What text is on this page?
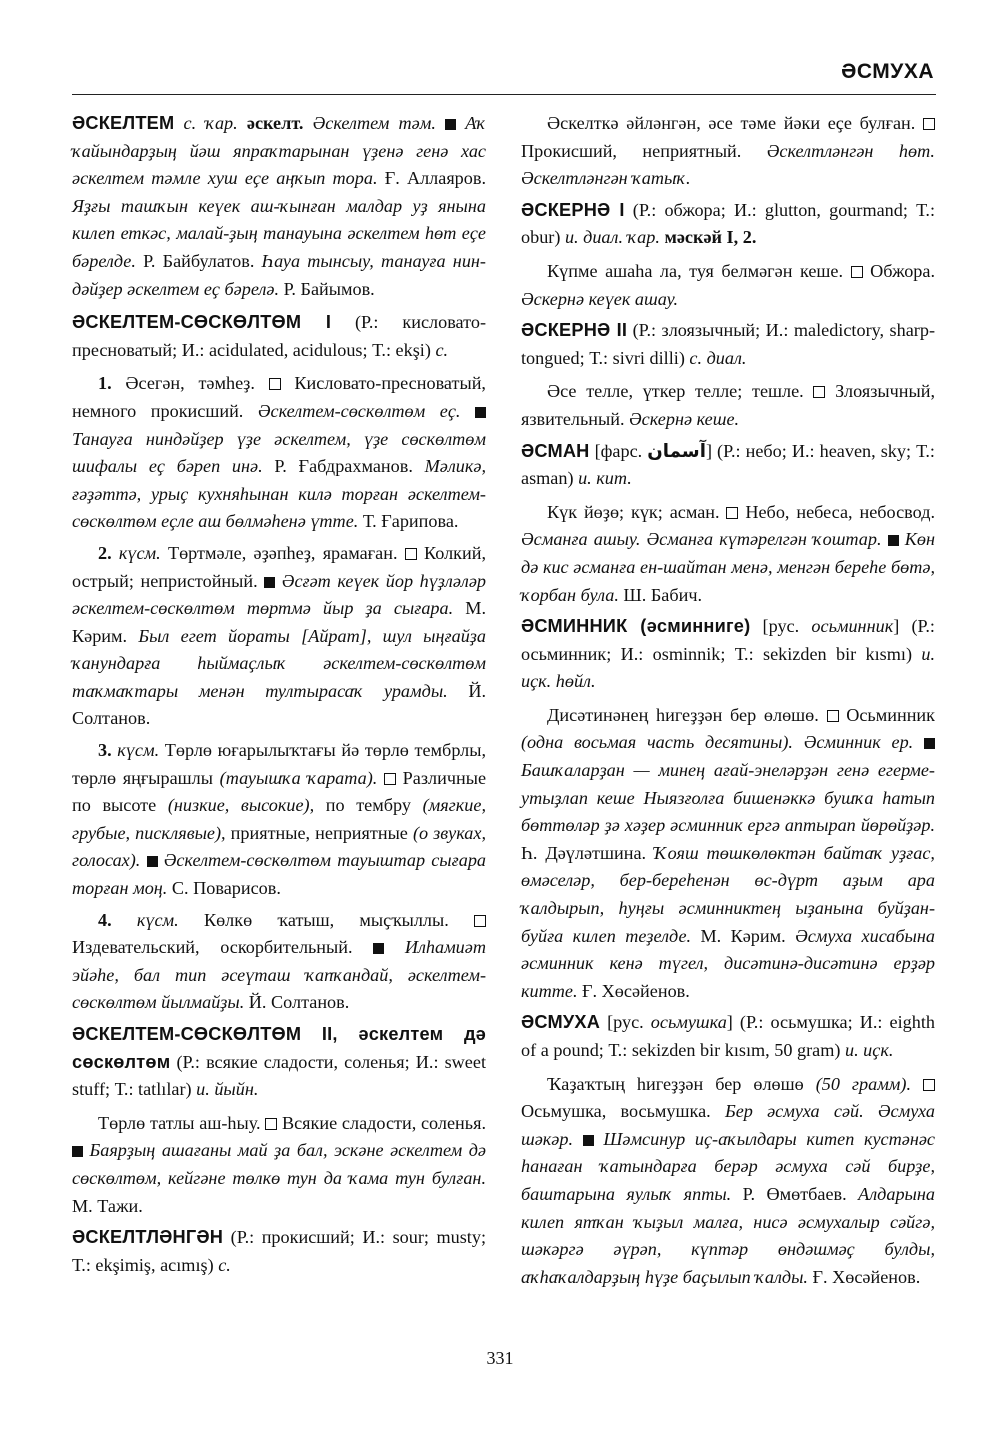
ӘСМУХА

ӘСКЕЛТЕМ с. ҡар. әскелт. Әскелтем тәм.  Аҡ ҡайындарҙың йәш япраҡтарынан үҙенә генә хас әскелтем тәмле хуш еҫе аңҡып тора. Ғ. Аллаяров. Яҙғы ташҡын кеүек аш-ҡынған малдар уҙ янына килеп еткәс, малай-ҙың танауына әскелтем һөт еҫе бәрелде. Р. Байбулатов. Һауа тынсыу, танауға нин-дәйҙер әскелтем еҫ бәрелә. Р. Байымов.

ӘСКЕЛТЕМ-СӨСКӨЛТӨМ I (Р.: кисловато-пресноватый; И.: acidulated, acidulous; Т.: ekşi) с.

1. Әсегән, тәмһеҙ.  Кисловато-пресноватый, немного прокисший. Әскелтем-сөскөлтөм еҫ.  Танауға ниндәйҙер үҙе әскелтем, үҙе сөскөлтөм шифалы еҫ бәреп инә. Р. Ғабдрахманов. Мәликә, ғәҙәттә, урыҫ кухняһынан килә торған әскелтем-сөскөлтөм еҫле аш бөлмәһенә үтте. Т. Ғарипова.

2. күсм. Төртмәле, әҙәпһеҙ, ярамаған.  Колкий, острый; непристойный.  Әсғәт кеүек йор һүҙләләр әскелтем-сөскөлтөм төртмә йыр ҙа сығара. М. Кәрим. Был егет йораты [Айрат], шул ыңғайҙа ҡанундарға һыймаҫлыҡ әскелтем-сөскөлтөм таҡмаҡтары менән тултырасаҡ урамды. Й. Солтанов.

3. күсм. Төрлө юғарылыҡтағы йә төрлө тембрлы, төрлө яңғырашлы (тауышҡа ҡарата).  Различные по высоте (низкие, высокие), по тембру (мягкие, грубые, писклявые), приятные, неприятные (о звуках, голосах).  Әскелтем-сөскөлтөм тауыштар сығара торған моң. С. Поварисов.

4. күсм. Көлкө ҡатыш, мыҫҡыллы.  Издевательский, оскорбительный.  Илһамиәт эйәһе, бал тип әсеүташ ҡапҡандай, әскелтем-сөскөлтөм йылмайҙы. Й. Солтанов.

ӘСКЕЛТЕМ-СӨСКӨЛТӨМ II, әскелтем дә сөскөлтөм (Р.: всякие сладости, соленья; И.: sweet stuff; Т.: tatlılar) и. йыйн.

Төрлө татлы аш-һыу.  Всякие сладости, соленья.  Баярҙың ашағаны май ҙа бал, эскәне әскелтем дә сөскөлтөм, кейгәне төлкө тун да ҡама тун булған. М. Тажи.

ӘСКЕЛТЛӘНГӘН (Р.: прокисший; И.: sour; musty; Т.: ekşimiş, acımış) с.

Әскелткә әйләнгән, әсе тәме йәки еҫе булған.  Прокисший, неприятный. Әскелтләнгән һөт. Әскелтләнгән ҡатыҡ.

ӘСКЕРНӘ I (Р.: обжора; И.: glutton, gourmand; Т.: obur) и. диал. ҡар. мәскәй I, 2.

Күпме ашаһа ла, туя белмәгән кеше.  Обжора. Әскернә кеүек ашау.

ӘСКЕРНӘ II (Р.: злоязычный; И.: maledictory, sharp-tongued; Т.: sivri dilli) с. диал.

Әсе телле, үткер телле; тешле.  Злоязычный, язвительный. Әскернә кеше.

ӘСМАН [фарс. آسمان] (Р.: небо; И.: heaven, sky; Т.: asman) и. кит.

Күк йөҙө; күк; асман.  Небо, небеса, небосвод. Әсманға ашыу. Әсманға күтәрелгән ҡоштар.  Көн дә кис әсманға ен-шайтан менә, менгән береһе бөтә, ҡорбан була. Ш. Бабич.

ӘСМИННИК (әсминниге) [рус. осьминник] (Р.: осьминник; И.: osminnik; Т.: sekizden bir kısmı) и. иҫк. һөйл.

Дисәтинәнең һигеҙҙән бер өлөшө.  Осьминник (одна восьмая часть десятины). Әсминник ер.  Башҡаларҙан — минең ағай-энеләрҙән генә егерме-утыҙлап кеше Ныязғолға бишенәккә бушҡа һатып бөттөләр ҙә хәҙер әсминник ергә аптырап йөрөйҙәр. Һ. Дәүләтшина. Ҡояш төшкөлөктән байтаҡ уҙғас, өмәселәр, бер-береһенән өс-дүрт аҙым ара ҡалдырып, һуңғы әсминниктең ыҙанына буйҙан-буйға килеп теҙелде. М. Кәрим. Әсмуха хисабына әсминник кенә түгел, дисәтинә-дисәтинә ерҙәр китте. Ғ. Хөсәйенов.

ӘСМУХА [рус. осьмушка] (Р.: осьмушка; И.: eighth of a pound; Т.: sekizden bir kısım, 50 gram) и. иҫк.

Ҡаҙаҡтың һигеҙҙән бер өлөшө (50 грамм).  Осьмушка, восьмушка. Бер әсмуха сәй. Әсмуха шәкәр.  Шәмсинур иҫ-аҡылдары китеп кустәнәс һанаған ҡатындарға берәр әсмуха сәй бирҙе, баштарына яулыҡ япты. Р. Өмөтбаев. Алдарына килеп ятҡан ҡыҙыл малға, нисә әсмухалыр сәйгә, шәкәргә әүрәп, күптәр өндәшмәҫ булды, аҡһаҡалдарҙың һүҙе баҫылып ҡалды. Ғ. Хөсәйенов.

331
